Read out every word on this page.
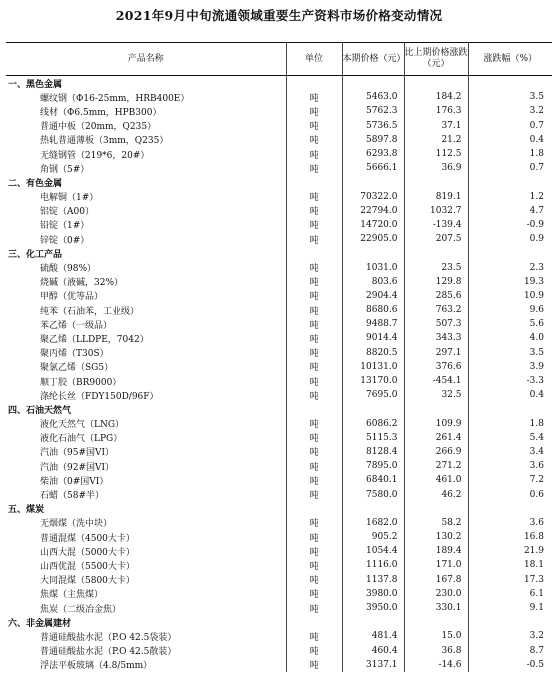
2021年9月中旬流通领域重要生产资料市场价格变动情况
产品名称	单位	本期价格（元）	比上期价格涨跌（元）	涨跌幅（%）
一、黑色金属				
螺纹钢（Φ16-25mm，HRB400E）	吨	5463.0	184.2	3.5
线材（Φ6.5mm，HPB300）	吨	5762.3	176.3	3.2
普通中板（20mm，Q235）	吨	5736.5	37.1	0.7
热轧普通薄板（3mm，Q235）	吨	5897.8	21.2	0.4
无缝钢管（219*6，20#）	吨	6293.8	112.5	1.8
角钢（5#）	吨	5666.1	36.9	0.7
二、有色金属				
电解铜（1#）	吨	70322.0	819.1	1.2
铝锭（A00）	吨	22794.0	1032.7	4.7
铅锭（1#）	吨	14720.0	-139.4	-0.9
锌锭（0#）	吨	22905.0	207.5	0.9
三、化工产品				
硫酸（98%）	吨	1031.0	23.5	2.3
烧碱（液碱，32%）	吨	803.6	129.8	19.3
甲醇（优等品）	吨	2904.4	285.6	10.9
纯苯（石油苯，工业级）	吨	8680.6	763.2	9.6
苯乙烯（一级品）	吨	9488.7	507.3	5.6
聚乙烯（LLDPE，7042）	吨	9014.4	343.3	4.0
聚丙烯（T30S）	吨	8820.5	297.1	3.5
聚氯乙烯（SG5）	吨	10131.0	376.6	3.9
顺丁胶（BR9000）	吨	13170.0	-454.1	-3.3
涤纶长丝（FDY150D/96F）	吨	7695.0	32.5	0.4
四、石油天然气				
液化天然气（LNG）	吨	6086.2	109.9	1.8
液化石油气（LPG）	吨	5115.3	261.4	5.4
汽油（95#国VI）	吨	8128.4	266.9	3.4
汽油（92#国VI）	吨	7895.0	271.2	3.6
柴油（0#国VI）	吨	6840.1	461.0	7.2
石蜡（58#半）	吨	7580.0	46.2	0.6
五、煤炭				
无烟煤（洗中块）	吨	1682.0	58.2	3.6
普通混煤（4500大卡）	吨	905.2	130.2	16.8
山西大混（5000大卡）	吨	1054.4	189.4	21.9
山西优混（5500大卡）	吨	1116.0	171.0	18.1
大同混煤（5800大卡）	吨	1137.8	167.8	17.3
焦煤（主焦煤）	吨	3980.0	230.0	6.1
焦炭（二级冶金焦）	吨	3950.0	330.1	9.1
六、非金属建材				
普通硅酸盐水泥（P.O 42.5袋装）	吨	481.4	15.0	3.2
普通硅酸盐水泥（P.O 42.5散装）	吨	460.4	36.8	8.7
浮法平板玻璃（4.8/5mm）	吨	3137.1	-14.6	-0.5
